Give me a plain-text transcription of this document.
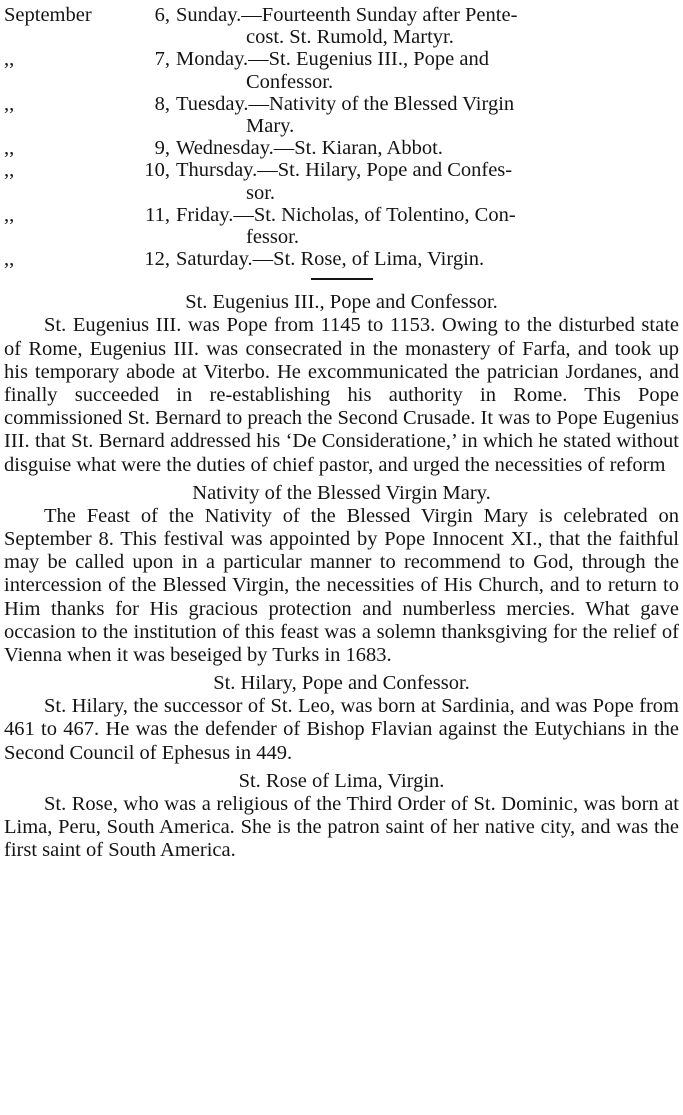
September	6, Sunday.—Fourteenth Sunday after Pente-
cost. St. Rumold, Martyr.
,,	7, Monday.—St. Eugenius III., Pope and
Confessor.
,,	8, Tuesday.—Nativity of the Blessed Virgin
Mary.
,,	9, Wednesday.—St. Kiaran, Abbot.
,,	10, Thursday.—St. Hilary, Pope and Confes-
sor.
,,	11, Friday.—St. Nicholas, of Tolentino, Con-
fessor.
,,	12, Saturday.—St. Rose, of Lima, Virgin.
St. Eugenius III., Pope and Confessor.

St. Eugenius III. was Pope from 1145 to 1153. Owing to the disturbed state of Rome, Eugenius III. was consecrated in the monastery of Farfa, and took up his temporary abode at Viterbo. He excommunicated the patrician Jordanes, and finally succeeded in re-establishing his authority in Rome. This Pope commissioned St. Bernard to preach the Second Crusade. It was to Pope Eugenius III. that St. Bernard addressed his ‘De Consideratione,’ in which he stated without disguise what were the duties of chief pastor, and urged the necessities of reform

Nativity of the Blessed Virgin Mary.

The Feast of the Nativity of the Blessed Virgin Mary is celebrated on September 8. This festival was appointed by Pope Innocent XI., that the faithful may be called upon in a particular manner to recommend to God, through the intercession of the Blessed Virgin, the necessities of His Church, and to return to Him thanks for His gracious protection and numberless mercies. What gave occasion to the institution of this feast was a solemn thanksgiving for the relief of Vienna when it was beseiged by Turks in 1683.

St. Hilary, Pope and Confessor.

St. Hilary, the successor of St. Leo, was born at Sardinia, and was Pope from 461 to 467. He was the defender of Bishop Flavian against the Eutychians in the Second Council of Ephesus in 449.

St. Rose of Lima, Virgin.

St. Rose, who was a religious of the Third Order of St. Dominic, was born at Lima, Peru, South America. She is the patron saint of her native city, and was the first saint of South America.
